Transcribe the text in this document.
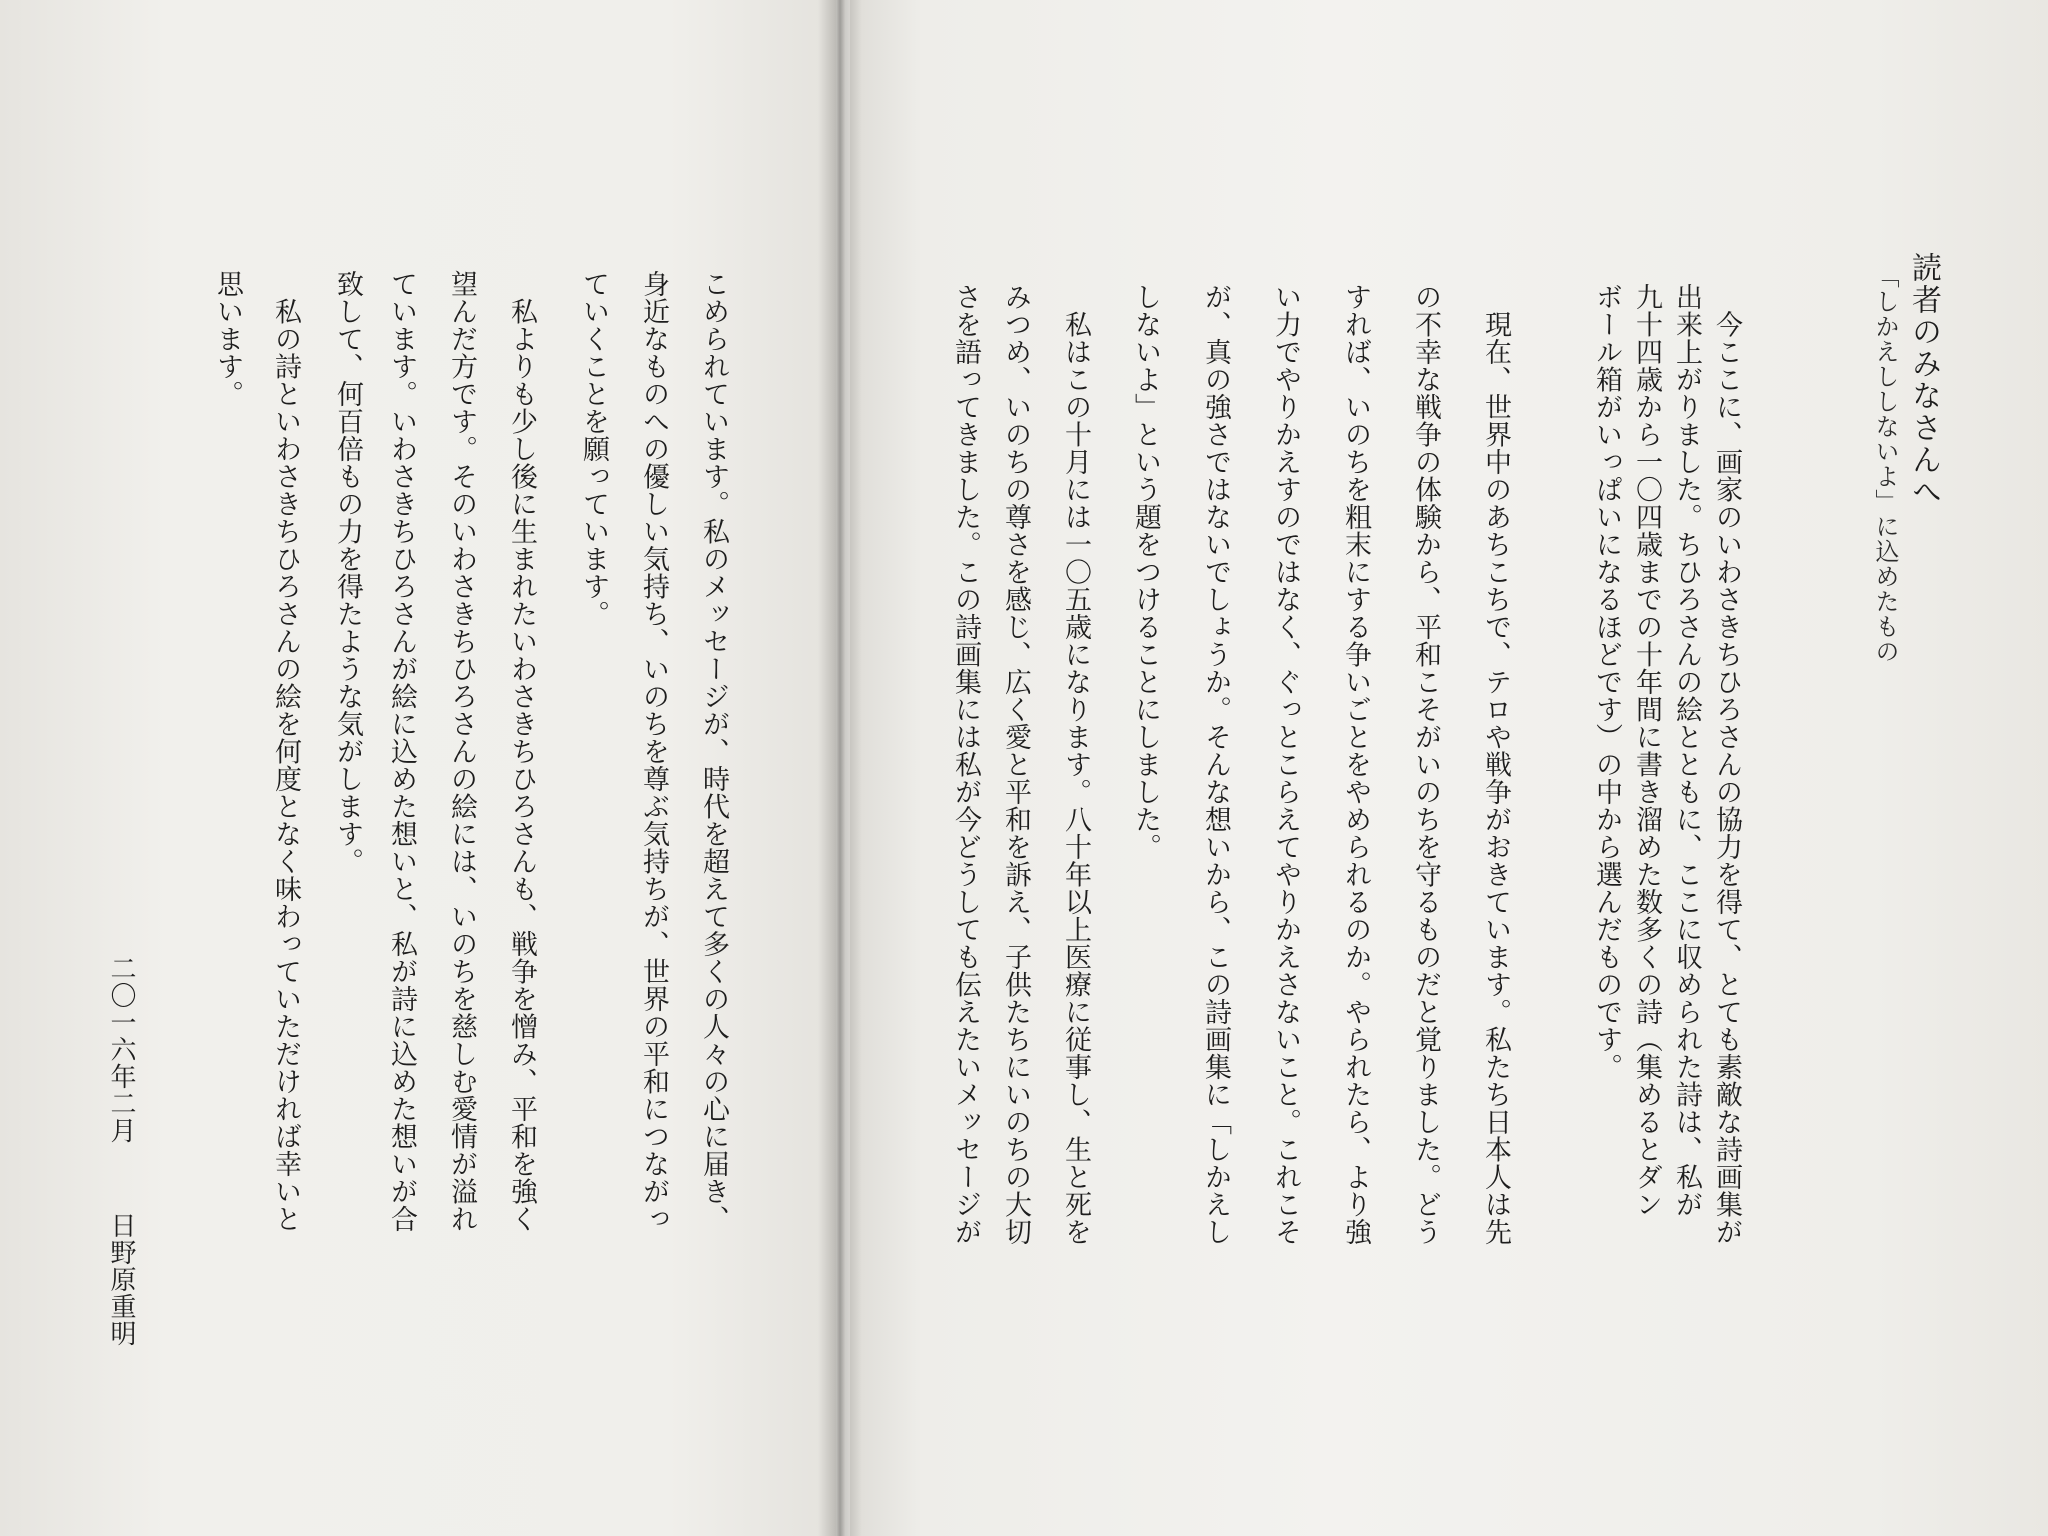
読者のみなさんへ
「しかえししないよ」に込めたもの
　今ここに、画家のいわさきちひろさんの協力を得て、とても素敵な詩画集が
出来上がりました。ちひろさんの絵とともに、ここに収められた詩は、私が
九十四歳から一〇四歳までの十年間に書き溜めた数多くの詩（集めるとダン
ボール箱がいっぱいになるほどです）の中から選んだものです。
　現在、世界中のあちこちで、テロや戦争がおきています。私たち日本人は先
の不幸な戦争の体験から、平和こそがいのちを守るものだと覚りました。どう
すれば、いのちを粗末にする争いごとをやめられるのか。やられたら、より強
い力でやりかえすのではなく、ぐっとこらえてやりかえさないこと。これこそ
が、真の強さではないでしょうか。そんな想いから、この詩画集に「しかえし
しないよ」という題をつけることにしました。
　私はこの十月には一〇五歳になります。八十年以上医療に従事し、生と死を
みつめ、いのちの尊さを感じ、広く愛と平和を訴え、子供たちにいのちの大切
さを語ってきました。この詩画集には私が今どうしても伝えたいメッセージが
こめられています。私のメッセージが、時代を超えて多くの人々の心に届き、
身近なものへの優しい気持ち、いのちを尊ぶ気持ちが、世界の平和につながっ
ていくことを願っています。
　私よりも少し後に生まれたいわさきちひろさんも、戦争を憎み、平和を強く
望んだ方です。そのいわさきちひろさんの絵には、いのちを慈しむ愛情が溢れ
ています。いわさきちひろさんが絵に込めた想いと、私が詩に込めた想いが合
致して、何百倍もの力を得たような気がします。
　私の詩といわさきちひろさんの絵を何度となく味わっていただければ幸いと
思います。
二〇一六年二月
日野原重明
